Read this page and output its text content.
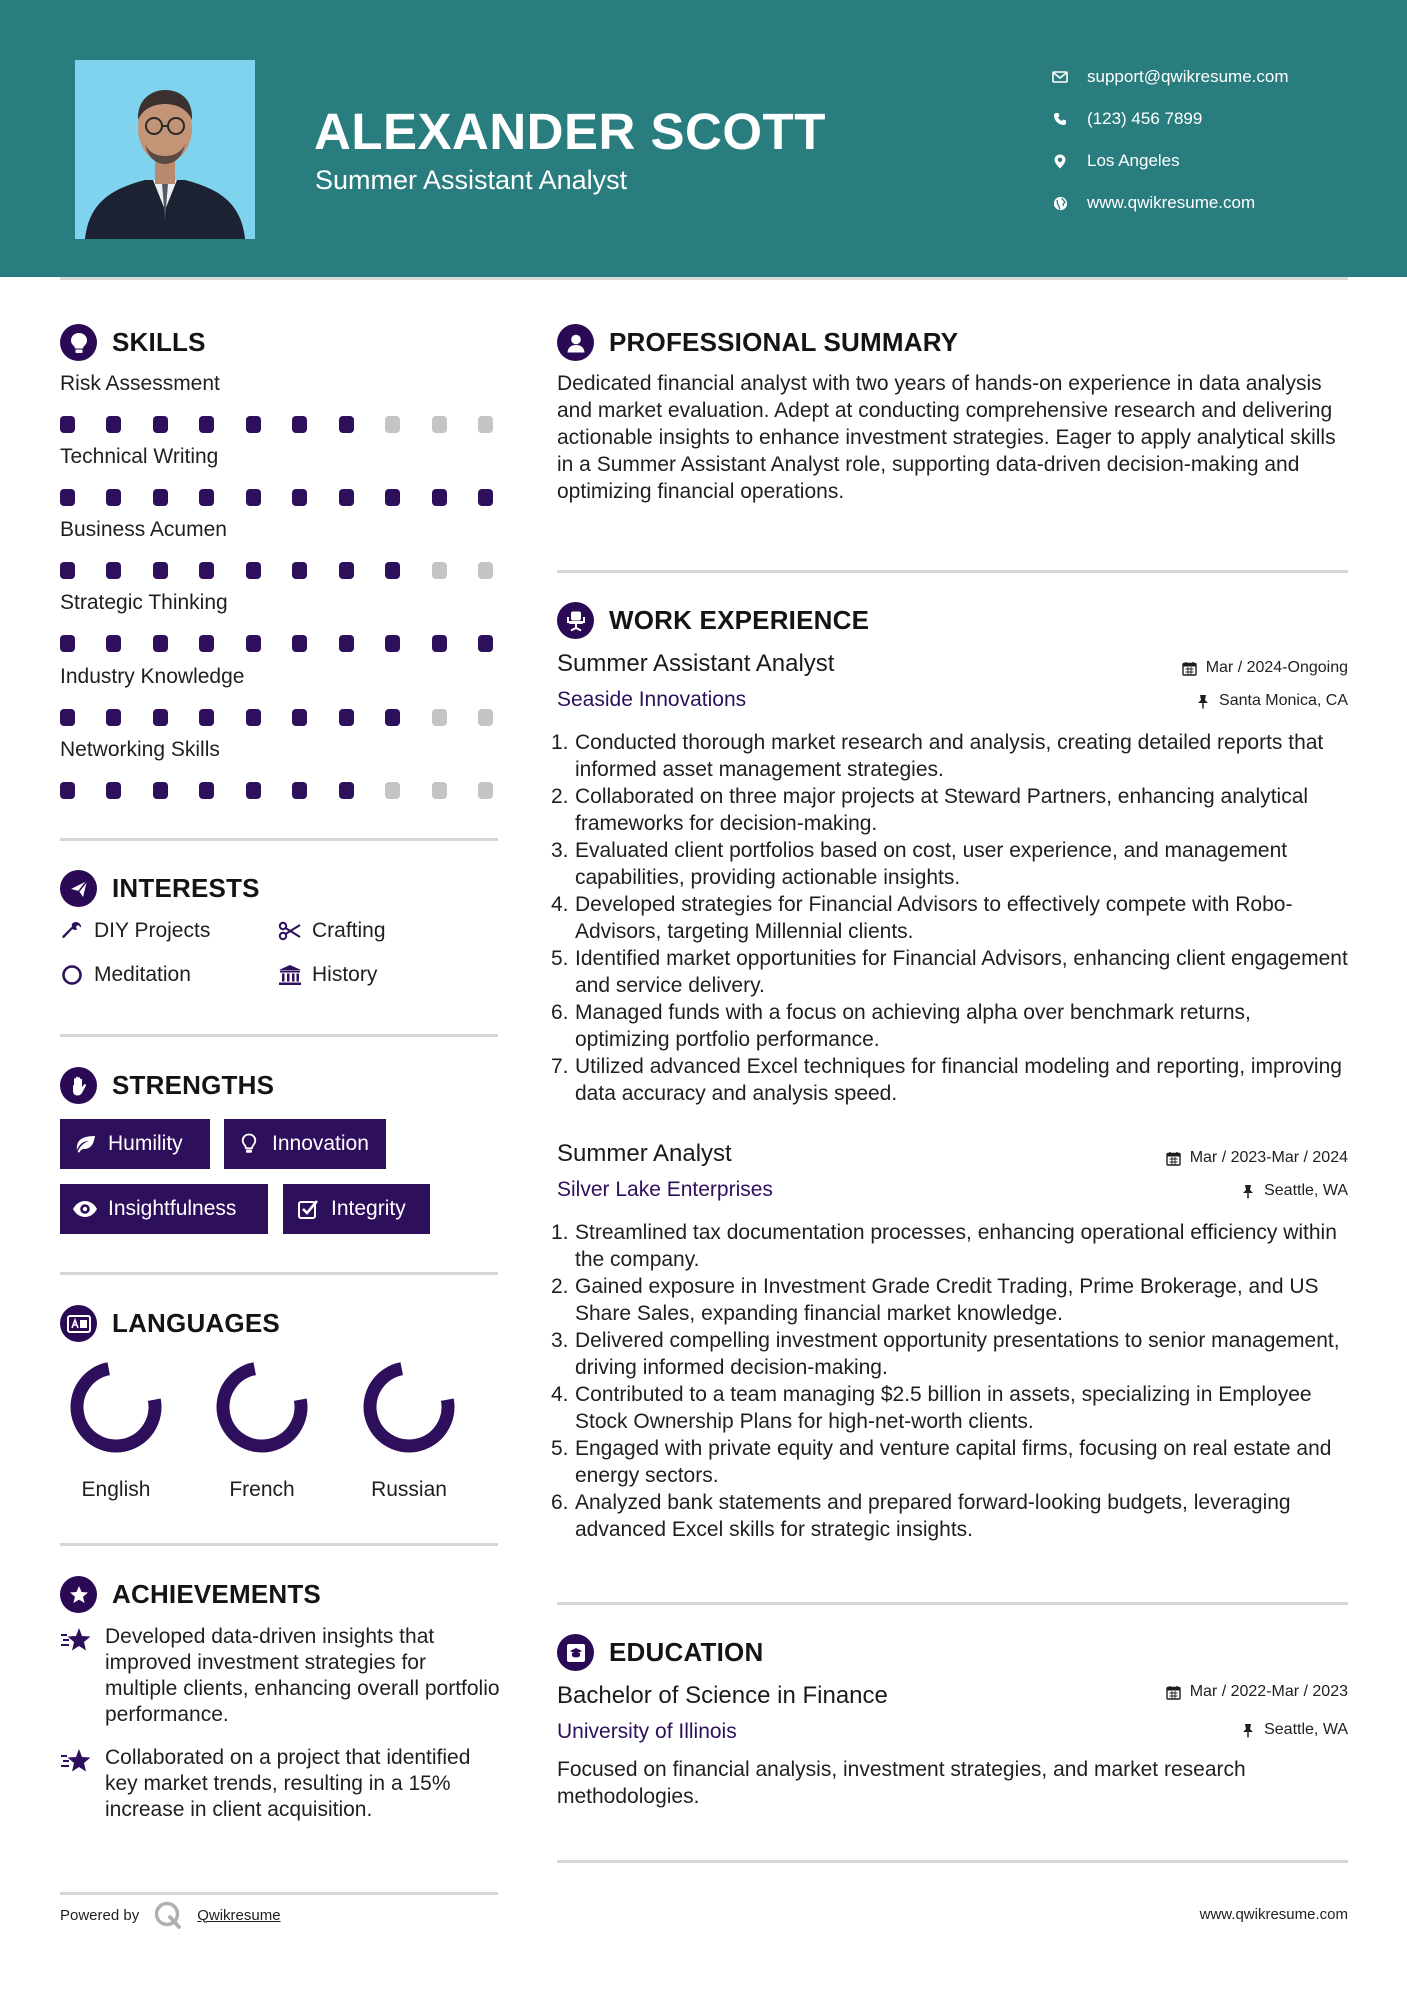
ALEXANDER SCOTT
Summer Assistant Analyst
support@qwikresume.com
(123) 456 7899
Los Angeles
www.qwikresume.com
SKILLS
Risk Assessment
Technical Writing
Business Acumen
Strategic Thinking
Industry Knowledge
Networking Skills
INTERESTS
DIY Projects	Crafting
Meditation	History
STRENGTHS
Humility	Innovation
Insightfulness	Integrity
LANGUAGES
English	French	Russian
ACHIEVEMENTS
Developed data-driven insights that improved investment strategies for multiple clients, enhancing overall portfolio performance.
Collaborated on a project that identified key market trends, resulting in a 15% increase in client acquisition.
PROFESSIONAL SUMMARY
Dedicated financial analyst with two years of hands-on experience in data analysis and market evaluation. Adept at conducting comprehensive research and delivering actionable insights to enhance investment strategies. Eager to apply analytical skills in a Summer Assistant Analyst role, supporting data-driven decision-making and optimizing financial operations.
WORK EXPERIENCE
Summer Assistant Analyst	Mar / 2024-Ongoing
Seaside Innovations	Santa Monica, CA
1. Conducted thorough market research and analysis, creating detailed reports that informed asset management strategies.
2. Collaborated on three major projects at Steward Partners, enhancing analytical frameworks for decision-making.
3. Evaluated client portfolios based on cost, user experience, and management capabilities, providing actionable insights.
4. Developed strategies for Financial Advisors to effectively compete with Robo-Advisors, targeting Millennial clients.
5. Identified market opportunities for Financial Advisors, enhancing client engagement and service delivery.
6. Managed funds with a focus on achieving alpha over benchmark returns, optimizing portfolio performance.
7. Utilized advanced Excel techniques for financial modeling and reporting, improving data accuracy and analysis speed.
Summer Analyst	Mar / 2023-Mar / 2024
Silver Lake Enterprises	Seattle, WA
1. Streamlined tax documentation processes, enhancing operational efficiency within the company.
2. Gained exposure in Investment Grade Credit Trading, Prime Brokerage, and US Share Sales, expanding financial market knowledge.
3. Delivered compelling investment opportunity presentations to senior management, driving informed decision-making.
4. Contributed to a team managing $2.5 billion in assets, specializing in Employee Stock Ownership Plans for high-net-worth clients.
5. Engaged with private equity and venture capital firms, focusing on real estate and energy sectors.
6. Analyzed bank statements and prepared forward-looking budgets, leveraging advanced Excel skills for strategic insights.
EDUCATION
Bachelor of Science in Finance	Mar / 2022-Mar / 2023
University of Illinois	Seattle, WA
Focused on financial analysis, investment strategies, and market research methodologies.
Powered by	Qwikresume	www.qwikresume.com
